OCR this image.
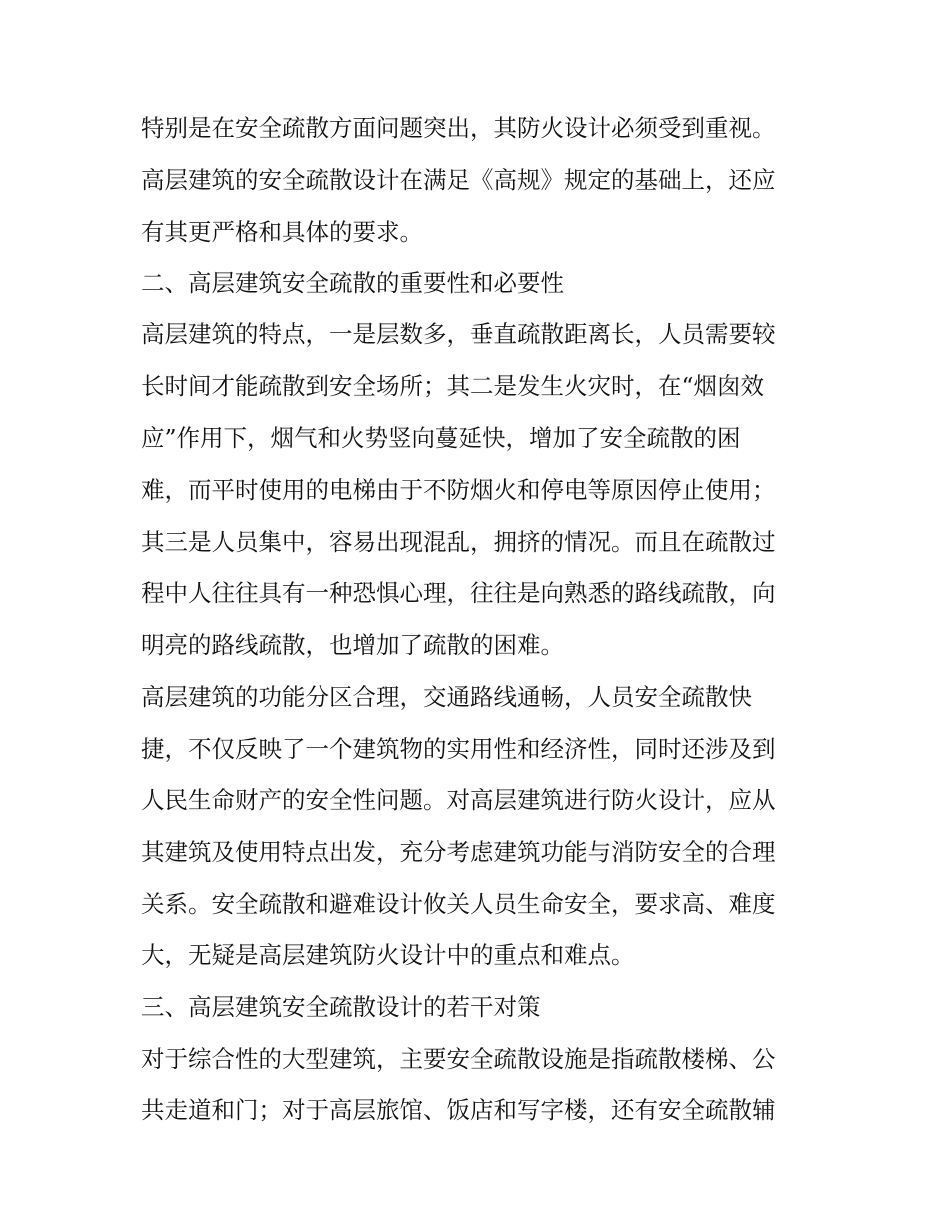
特别是在安全疏散方面问题突出，其防火设计必须受到重视。
高层建筑的安全疏散设计在满足《高规》规定的基础上，还应
有其更严格和具体的要求。
二、高层建筑安全疏散的重要性和必要性
高层建筑的特点，一是层数多，垂直疏散距离长，人员需要较
长时间才能疏散到安全场所；其二是发生火灾时，在“烟囱效
应”作用下，烟气和火势竖向蔓延快，增加了安全疏散的困
难，而平时使用的电梯由于不防烟火和停电等原因停止使用；
其三是人员集中，容易出现混乱，拥挤的情况。而且在疏散过
程中人往往具有一种恐惧心理，往往是向熟悉的路线疏散，向
明亮的路线疏散，也增加了疏散的困难。
高层建筑的功能分区合理，交通路线通畅，人员安全疏散快
捷，不仅反映了一个建筑物的实用性和经济性，同时还涉及到
人民生命财产的安全性问题。对高层建筑进行防火设计，应从
其建筑及使用特点出发，充分考虑建筑功能与消防安全的合理
关系。安全疏散和避难设计攸关人员生命安全，要求高、难度
大，无疑是高层建筑防火设计中的重点和难点。
三、高层建筑安全疏散设计的若干对策
对于综合性的大型建筑，主要安全疏散设施是指疏散楼梯、公
共走道和门；对于高层旅馆、饭店和写字楼，还有安全疏散辅
